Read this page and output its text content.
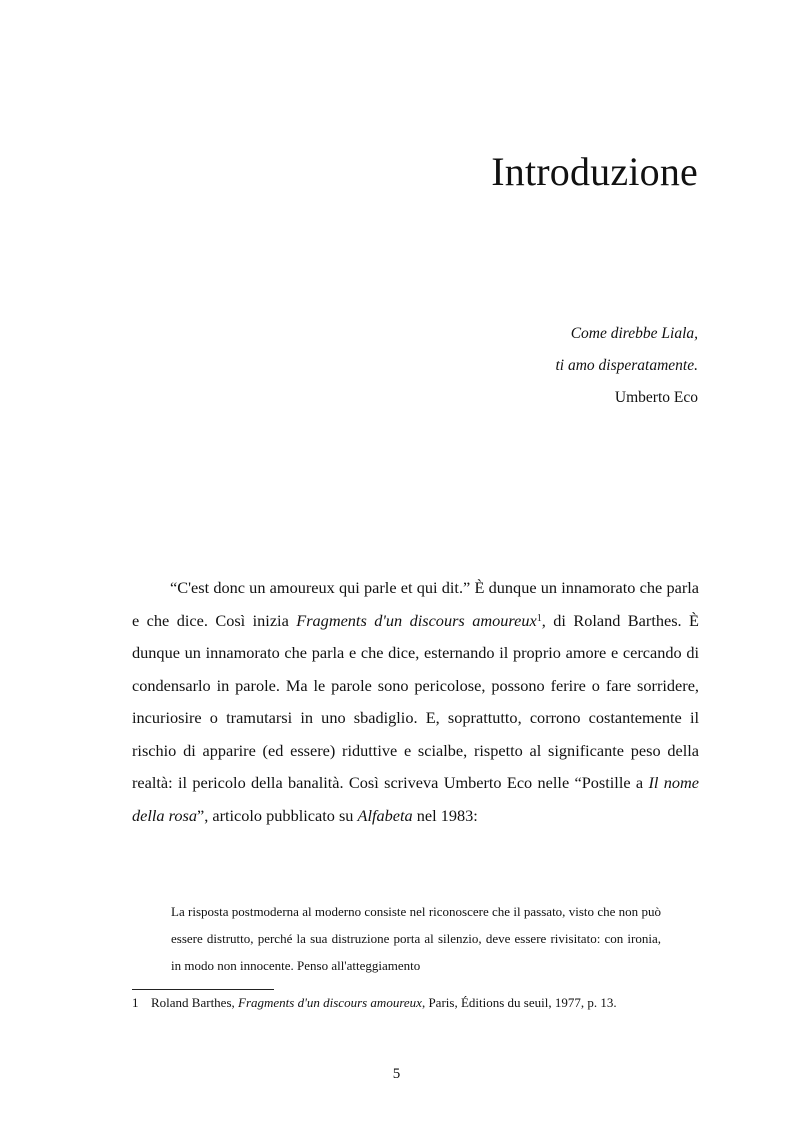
Introduzione
Come direbbe Liala,
ti amo disperatamente.
Umberto Eco

“C'est donc un amoureux qui parle et qui dit.” È dunque un innamorato che parla e che dice. Così inizia Fragments d'un discours amoureux$^1$, di Roland Barthes. È dunque un innamorato che parla e che dice, esternando il proprio amore e cercando di condensarlo in parole. Ma le parole sono pericolose, possono ferire o fare sorridere, incuriosire o tramutarsi in uno sbadiglio. E, soprattutto, corrono costantemente il rischio di apparire (ed essere) riduttive e scialbe, rispetto al significante peso della realtà: il pericolo della banalità. Così scriveva Umberto Eco nelle “Postille a Il nome della rosa”, articolo pubblicato su Alfabeta nel 1983:

La risposta postmoderna al moderno consiste nel riconoscere che il passato, visto che non può essere distrutto, perché la sua distruzione porta al silenzio, deve essere rivisitato: con ironia, in modo non innocente. Penso all'atteggiamento

1 Roland Barthes, Fragments d'un discours amoureux, Paris, Éditions du seuil, 1977, p. 13.
5
